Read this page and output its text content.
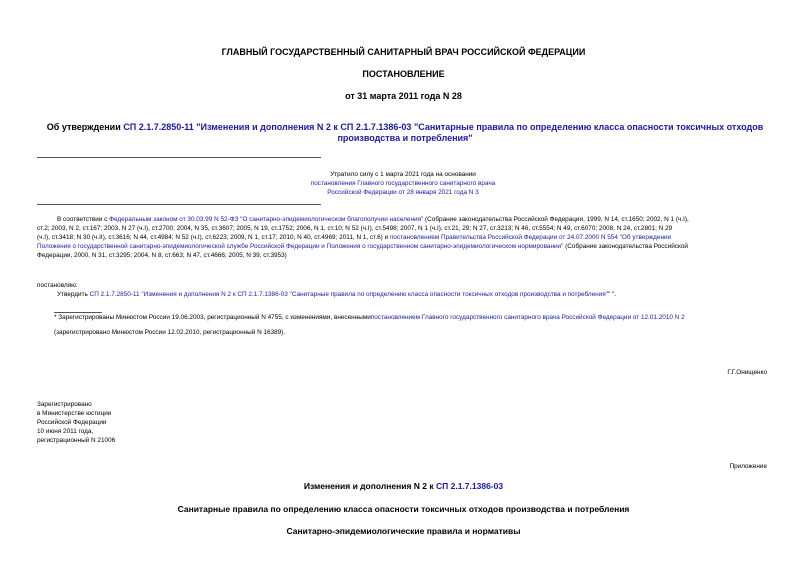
ГЛАВНЫЙ ГОСУДАРСТВЕННЫЙ САНИТАРНЫЙ ВРАЧ РОССИЙСКОЙ ФЕДЕРАЦИИ
ПОСТАНОВЛЕНИЕ
от 31 марта 2011 года N 28
Об утверждении СП 2.1.7.2850-11 "Изменения и дополнения N 2 к СП 2.1.7.1386-03 "Санитарные правила по определению класса опасности токсичных отходов
производства и потребления"
Утратило силу с 1 марта 2021 года на основании
постановления Главного государственного санитарного врача
Российской Федерации от 28 января 2021 года N 3
В соответствии с Федеральным законом от 30.03.99 N 52-ФЗ "О санитарно-эпидемиологическом благополучии населения" (Собрание законодательства Российской Федерации, 1999, N 14, ст.1650; 2002, N 1 (ч.I),
ст.2; 2003, N 2, ст.167; 2003, N 27 (ч.I), ст.2700; 2004, N 35, ст.3607; 2005, N 19, ст.1752; 2006, N 1, ст.10; N 52 (ч.I), ст.5498; 2007, N 1 (ч.I), ст.21, 29; N 27, ст.3213; N 46, ст.5554; N 49, ст.6070; 2008, N 24, ст.2801; N 29
(ч.I), ст.3418; N 30 (ч.II), ст.3616; N 44, ст.4984; N 52 (ч.I), ст.6223; 2009, N 1, ст.17; 2010, N 40, ст.4969; 2011, N 1, ст.6) и постановлением Правительства Российской Федерации от 24.07.2000 N 554 "Об утверждении
Положения о государственной санитарно-эпидемиологической службе Российской Федерации и Положения о государственном санитарно-эпидемиологическом нормировании" (Собрание законодательства Российской
Федерации, 2000, N 31, ст.3295; 2004, N 8, ст.663; N 47, ст.4666; 2005, N 39, ст.3953)
постановляю:
Утвердить СП 2.1.7.2850-11 "Изменения и дополнения N 2 к СП 2.1.7.1386-03 "Санитарные правила по определению класса опасности токсичных отходов производства и потребления"" ".
* Зарегистрированы Минюстом России 19.06.2003, регистрационный N 4755, с изменениями, внесеннымипостановлением Главного государственного санитарного врача Российской Федерации от 12.01.2010 N 2
(зарегистрировано Минюстом России 12.02.2010, регистрационный N 16389).
Г.Г.Онищенко
Зарегистрировано
в Министерстве юстиции
Российской Федерации
10 июня 2011 года,
регистрационный N 21006
Приложение
Изменения и дополнения N 2 к СП 2.1.7.1386-03
Санитарные правила по определению класса опасности токсичных отходов производства и потребления
Санитарно-эпидемиологические правила и нормативы
